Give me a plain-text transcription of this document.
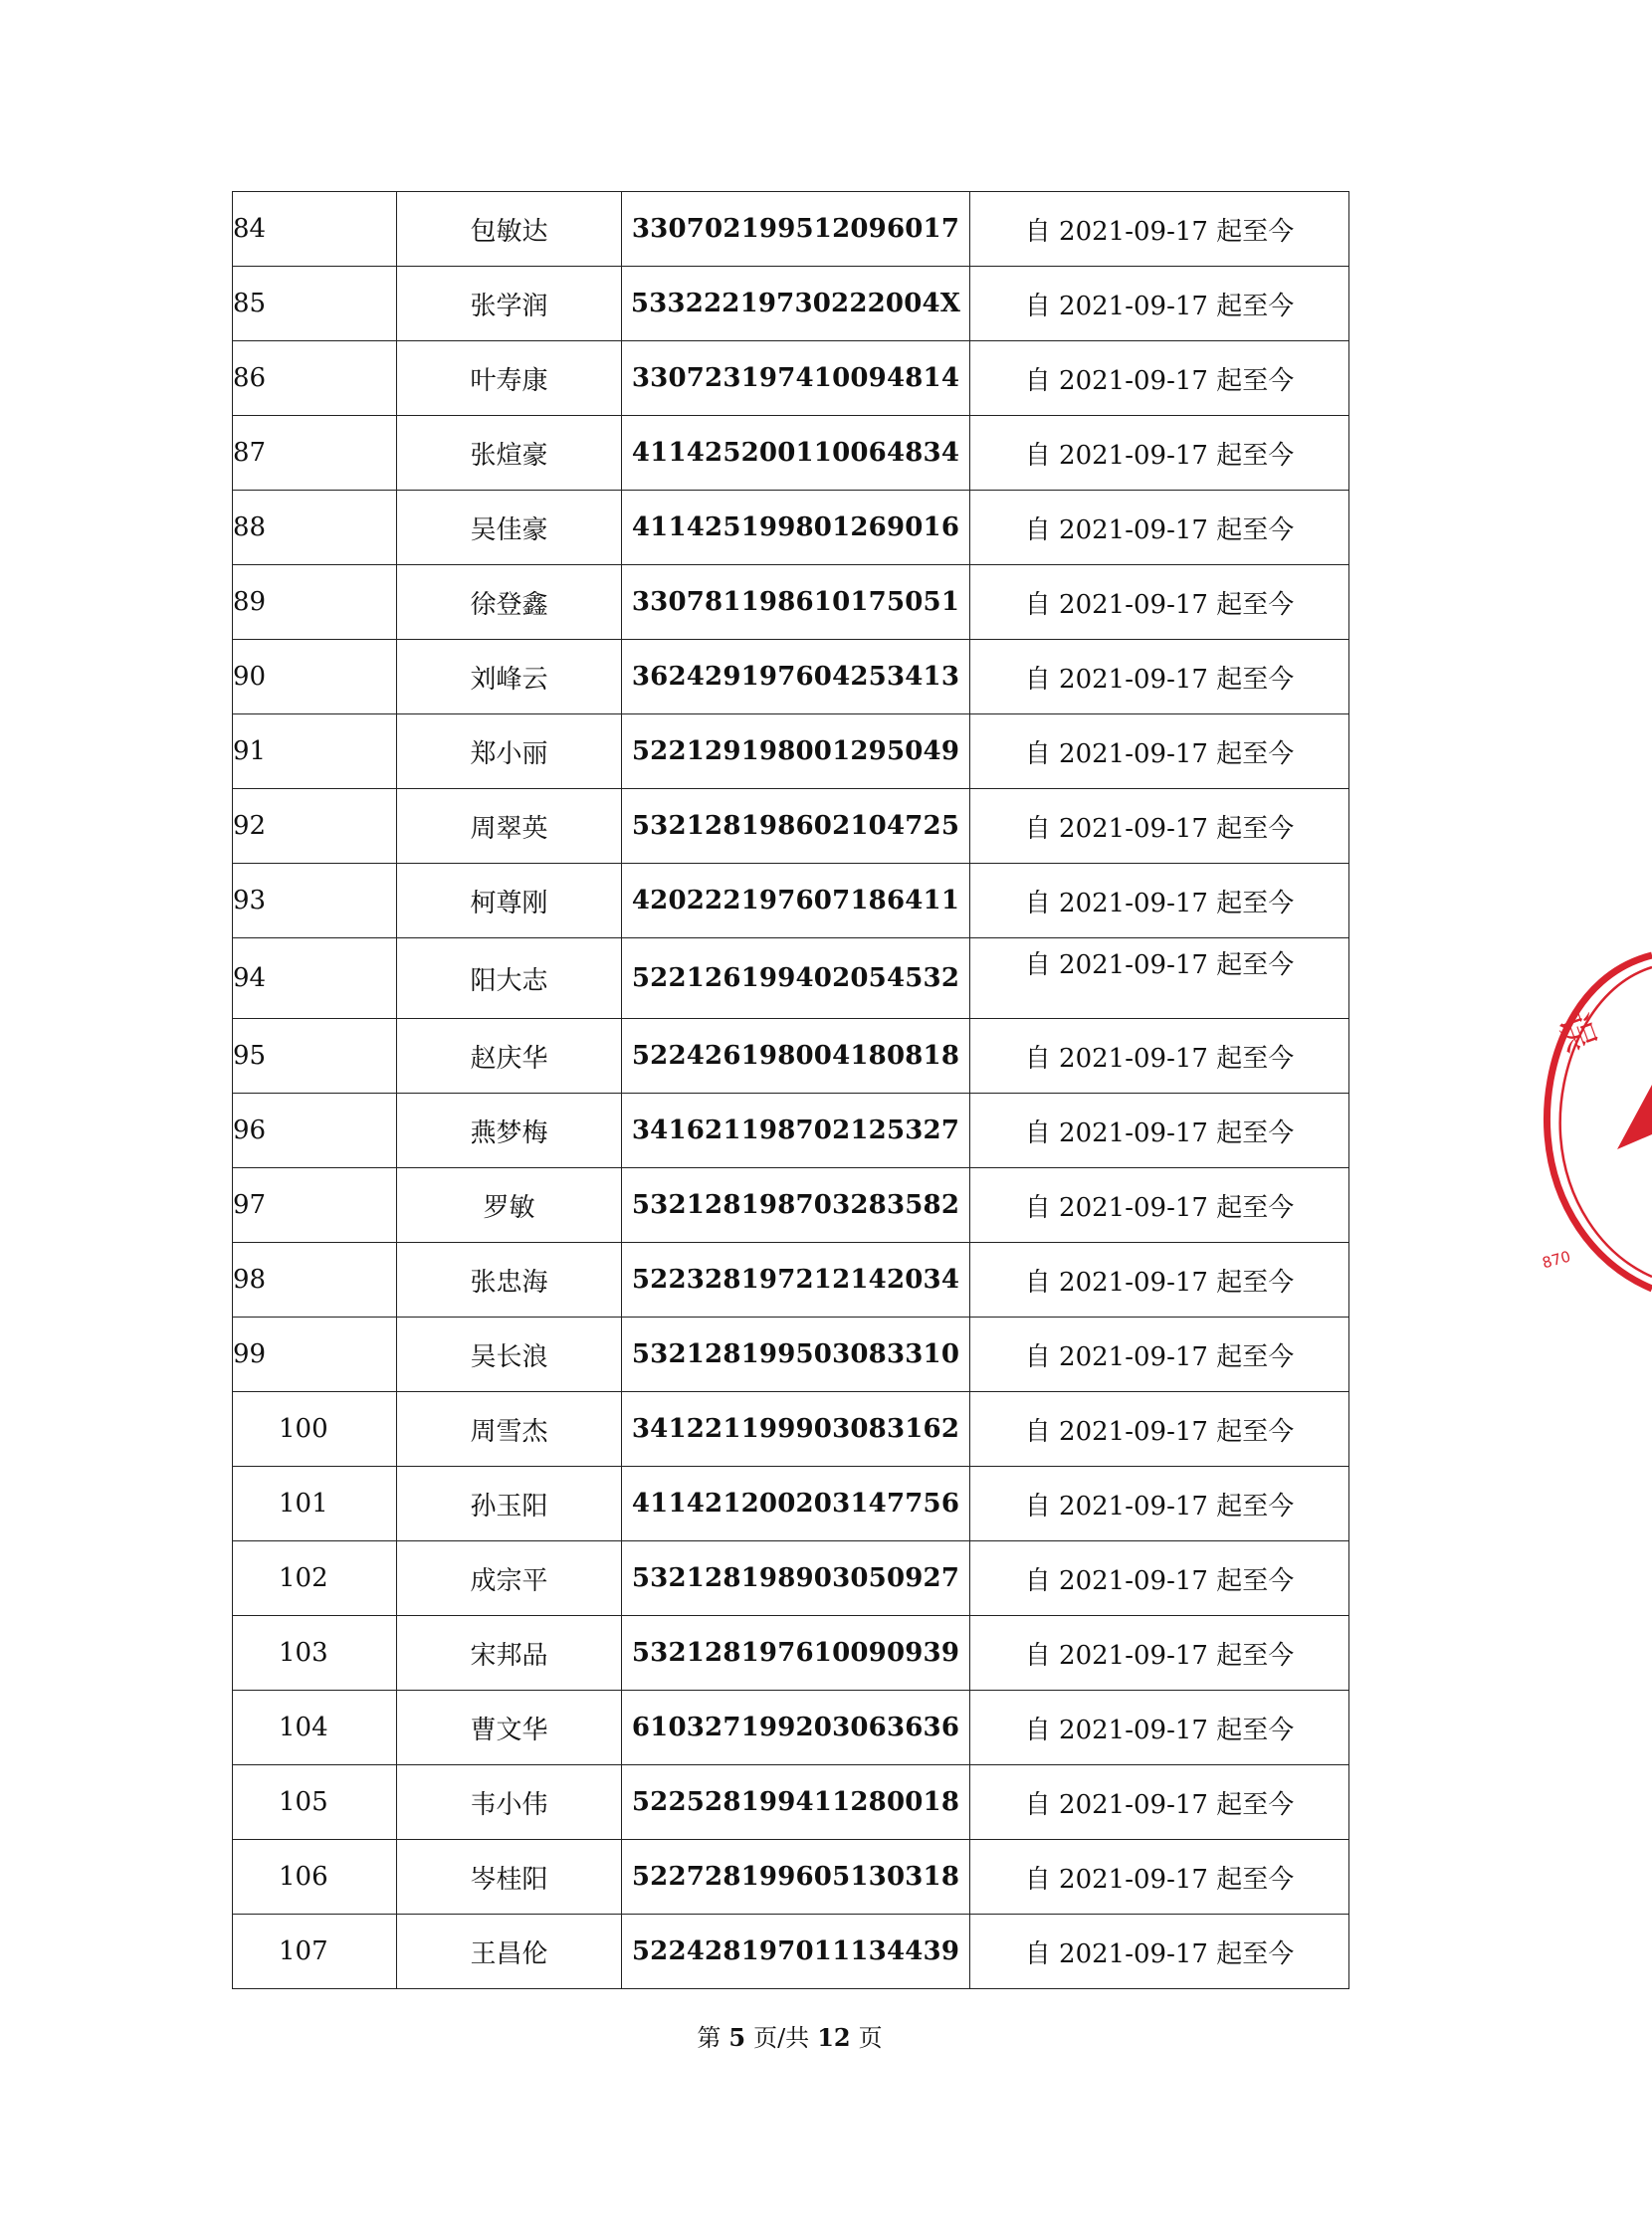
84	包敏达	330702199512096017	自 2021-09-17 起至今
85	张学润	53322219730222004X	自 2021-09-17 起至今
86	叶寿康	330723197410094814	自 2021-09-17 起至今
87	张煊豪	411425200110064834	自 2021-09-17 起至今
88	吴佳豪	411425199801269016	自 2021-09-17 起至今
89	徐登鑫	330781198610175051	自 2021-09-17 起至今
90	刘峰云	362429197604253413	自 2021-09-17 起至今
91	郑小丽	522129198001295049	自 2021-09-17 起至今
92	周翠英	532128198602104725	自 2021-09-17 起至今
93	柯尊刚	420222197607186411	自 2021-09-17 起至今
94	阳大志	522126199402054532	自 2021-09-17 起至今
95	赵庆华	522426198004180818	自 2021-09-17 起至今
96	燕梦梅	341621198702125327	自 2021-09-17 起至今
97	罗敏	532128198703283582	自 2021-09-17 起至今
98	张忠海	522328197212142034	自 2021-09-17 起至今
99	吴长浪	532128199503083310	自 2021-09-17 起至今
100	周雪杰	341221199903083162	自 2021-09-17 起至今
101	孙玉阳	411421200203147756	自 2021-09-17 起至今
102	成宗平	532128198903050927	自 2021-09-17 起至今
103	宋邦品	532128197610090939	自 2021-09-17 起至今
104	曹文华	610327199203063636	自 2021-09-17 起至今
105	韦小伟	522528199411280018	自 2021-09-17 起至今
106	岑桂阳	522728199605130318	自 2021-09-17 起至今
107	王昌伦	522428197011134439	自 2021-09-17 起至今
第 5 页/共 12 页
误
870
